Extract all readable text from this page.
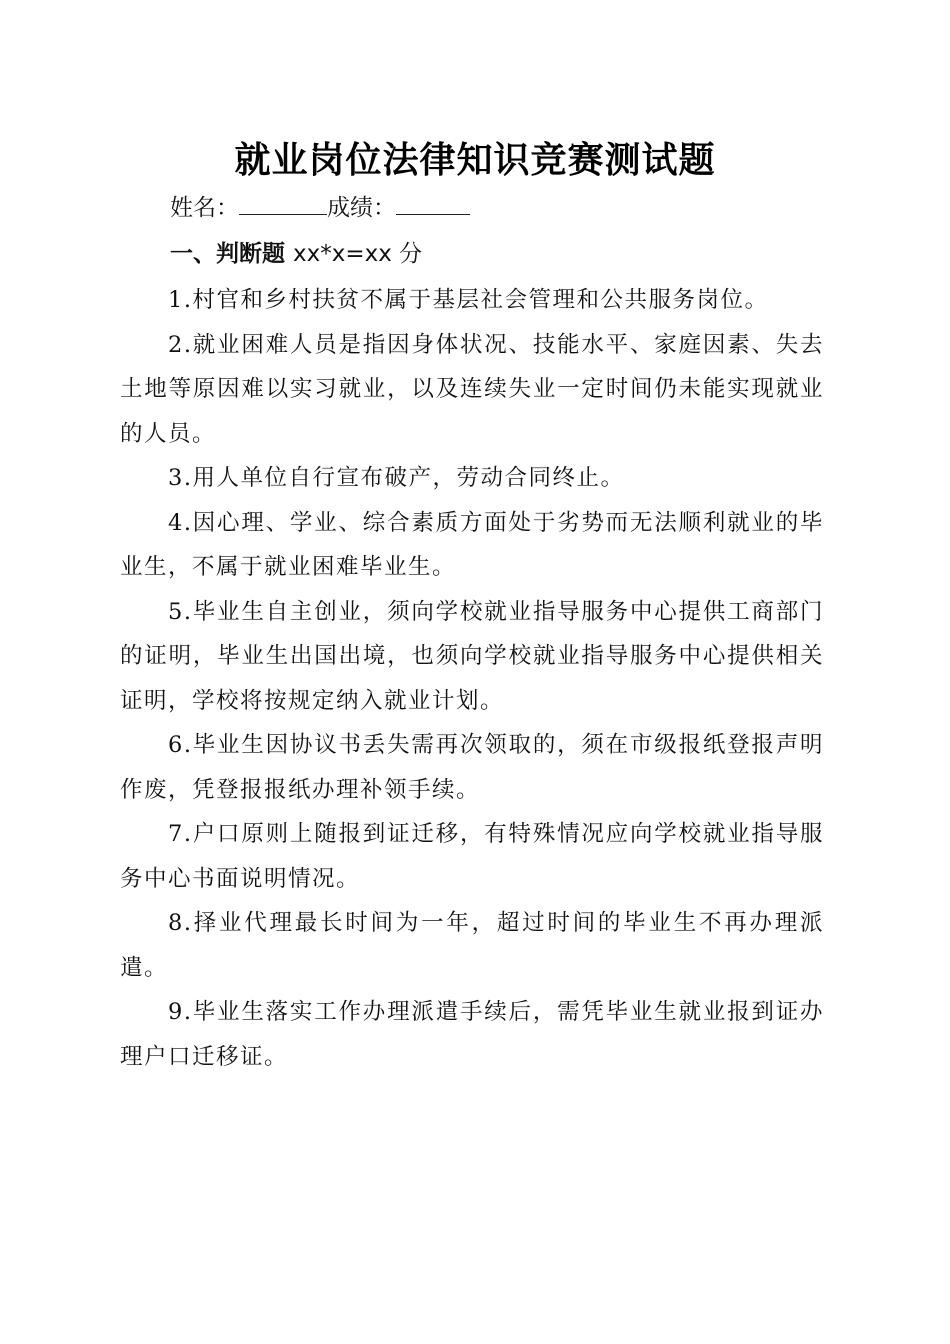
就业岗位法律知识竞赛测试题
姓名：	成绩：
一、判断题 xx*x=xx 分

1.村官和乡村扶贫不属于基层社会管理和公共服务岗位。

2.就业困难人员是指因身体状况、技能水平、家庭因素、失去土地等原因难以实习就业，以及连续失业一定时间仍未能实现就业的人员。

3.用人单位自行宣布破产，劳动合同终止。

4.因心理、学业、综合素质方面处于劣势而无法顺利就业的毕业生，不属于就业困难毕业生。

5.毕业生自主创业，须向学校就业指导服务中心提供工商部门的证明，毕业生出国出境，也须向学校就业指导服务中心提供相关证明，学校将按规定纳入就业计划。

6.毕业生因协议书丢失需再次领取的，须在市级报纸登报声明作废，凭登报报纸办理补领手续。

7.户口原则上随报到证迁移，有特殊情况应向学校就业指导服务中心书面说明情况。

8.择业代理最长时间为一年，超过时间的毕业生不再办理派遣。

9.毕业生落实工作办理派遣手续后，需凭毕业生就业报到证办理户口迁移证。
